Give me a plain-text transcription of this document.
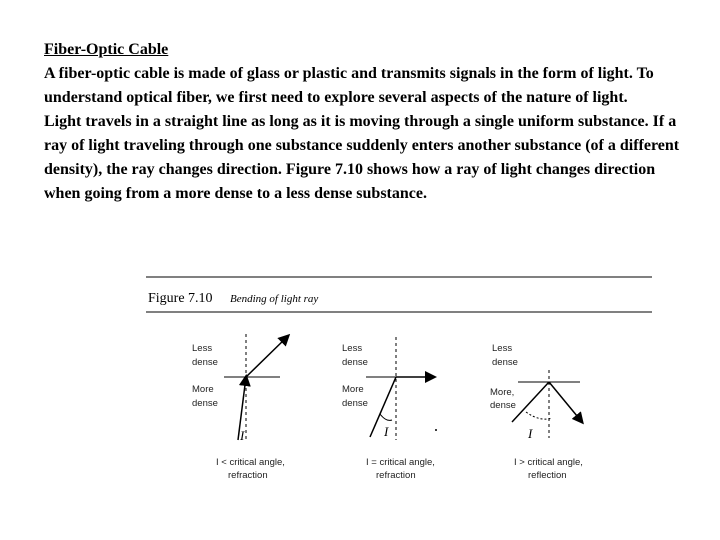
Fiber-Optic Cable
A fiber-optic cable is made of glass or plastic and transmits signals in the form of light. To understand optical fiber, we first need to explore several aspects of the nature of light.
Light travels in a straight line as long as it is moving through a single uniform substance. If a ray of light traveling through one substance suddenly enters another substance (of a different density), the ray changes direction. Figure 7.10 shows how a ray of light changes direction when going from a more dense to a less dense substance.
Figure 7.10 Bending of light ray
Less
dense
More
dense
I
I < critical angle,
refraction
Less
dense
More
dense
I
I = critical angle,
refraction
Less
dense
More,
dense
I
I > critical angle,
reflection
